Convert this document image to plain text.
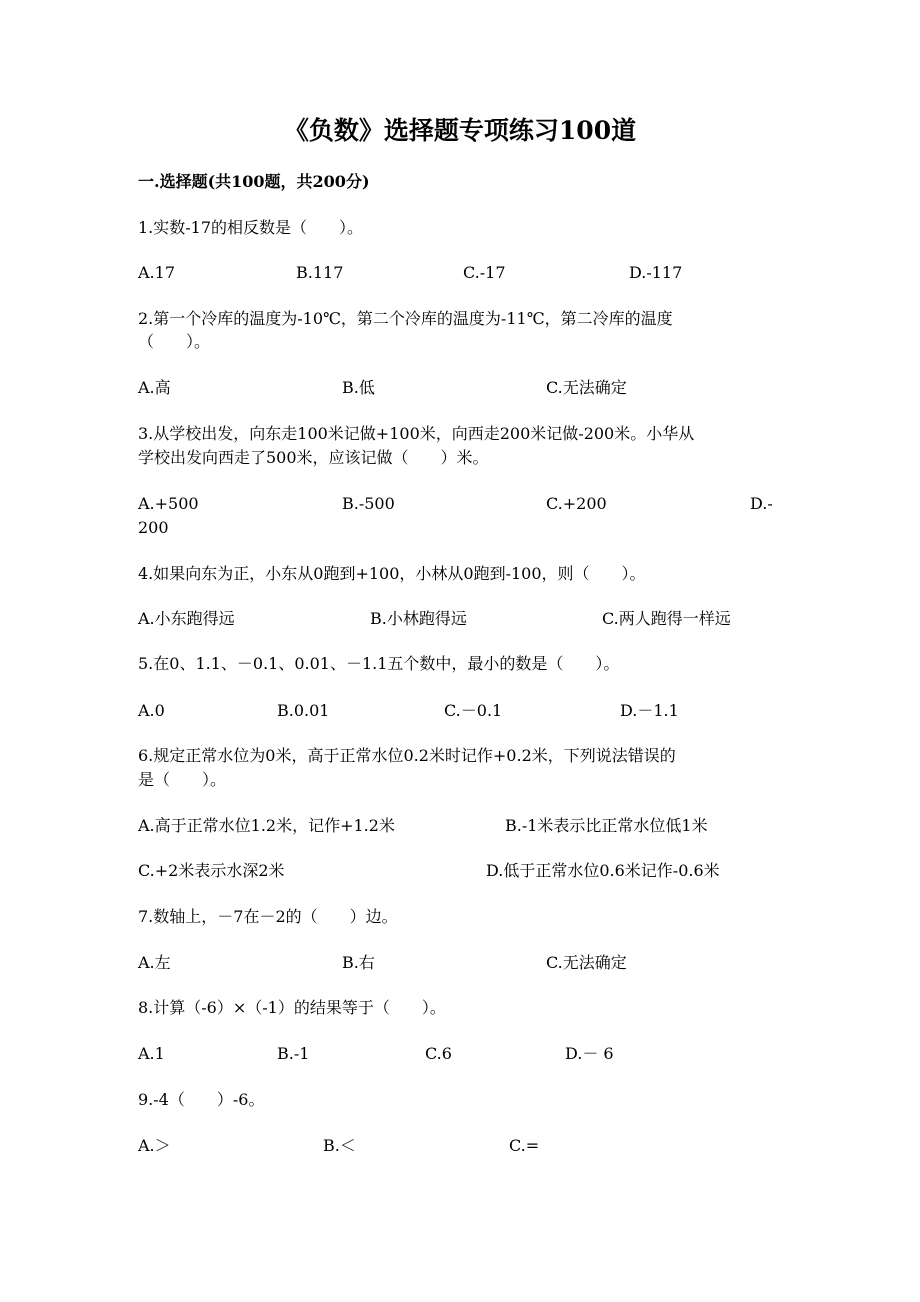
《负数》选择题专项练习100道
一.选择题(共100题，共200分)
1.实数-17的相反数是（　　）。
A.17	B.117	C.-17	D.-117
2.第一个冷库的温度为-10℃，第二个冷库的温度为-11℃，第二冷库的温度
（　　）。
A.高	B.低	C.无法确定
3.从学校出发，向东走100米记做+100米，向西走200米记做-200米。小华从
学校出发向西走了500米，应该记做（　　）米。
A.+500	B.-500	C.+200	D.-
200
4.如果向东为正，小东从0跑到+100，小林从0跑到-100，则（　　）。
A.小东跑得远	B.小林跑得远	C.两人跑得一样远
5.在0、1.1、－0.1、0.01、－1.1五个数中，最小的数是（　　）。
A.0	B.0.01	C.－0.1	D.－1.1
6.规定正常水位为0米，高于正常水位0.2米时记作+0.2米，下列说法错误的
是（　　）。
A.高于正常水位1.2米，记作+1.2米	B.-1米表示比正常水位低1米
C.+2米表示水深2米	D.低于正常水位0.6米记作-0.6米
7.数轴上，－7在－2的（　　）边。
A.左	B.右	C.无法确定
8.计算（-6）×（-1）的结果等于（　　）。
A.1	B.-1	C.6	D.－ 6
9.-4（　　）-6。
A.＞	B.＜	C.=
